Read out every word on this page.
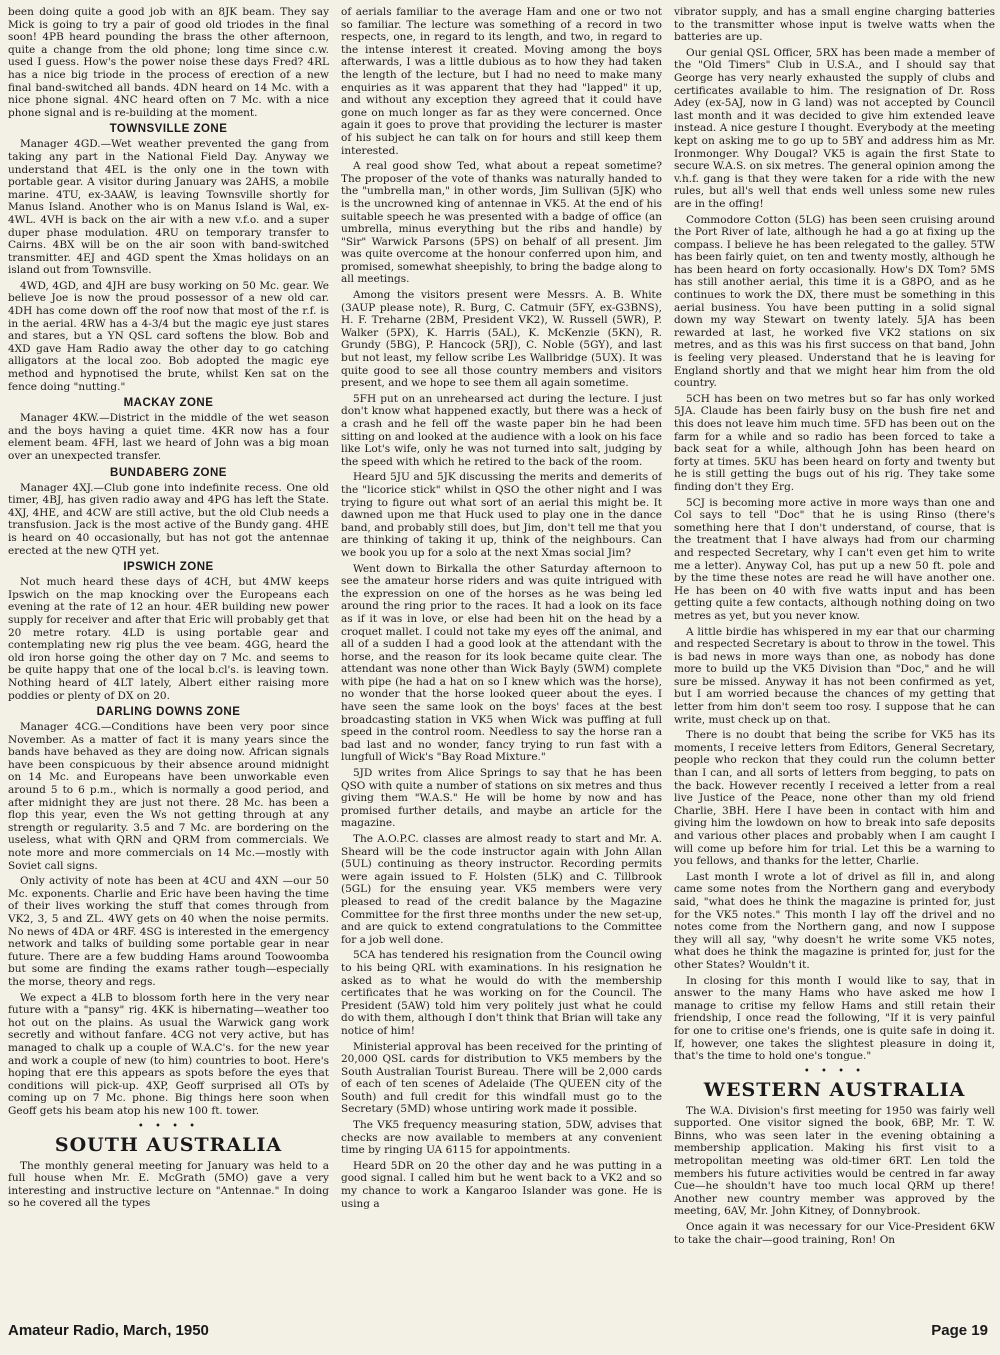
been doing quite a good job with an 8JK beam. They say Mick is going to try a pair of good old triodes in the final soon! 4PB heard pounding the brass the other afternoon, quite a change from the old phone; long time since c.w. used I guess. How's the power noise these days Fred? 4RL has a nice big triode in the process of erection of a new final band-switched all bands. 4DN heard on 14 Mc. with a nice phone signal. 4NC heard often on 7 Mc. with a nice phone signal and is re-building at the moment.

TOWNSVILLE ZONE

Manager 4GD.—Wet weather prevented the gang from taking any part in the National Field Day. Anyway we understand that 4EL is the only one in the town with portable gear. A visitor during January was 2AHS, a mobile marine. 4TU, ex-3AAW, is leaving Townsville shortly for Manus Island. Another who is on Manus Island is Wal, ex-4WL. 4VH is back on the air with a new v.f.o. and a super duper phase modulation. 4RU on temporary transfer to Cairns. 4BX will be on the air soon with band-switched transmitter. 4EJ and 4GD spent the Xmas holidays on an island out from Townsville.

4WD, 4GD, and 4JH are busy working on 50 Mc. gear. We believe Joe is now the proud possessor of a new old car. 4DH has come down off the roof now that most of the r.f. is in the aerial. 4RW has a 4-3/4 but the magic eye just stares and stares, but a YN QSL card softens the blow. Bob and 4XD gave Ham Radio away the other day to go catching alligators at the local zoo. Bob adopted the magic eye method and hypnotised the brute, whilst Ken sat on the fence doing "nutting."

MACKAY ZONE

Manager 4KW.—District in the middle of the wet season and the boys having a quiet time. 4KR now has a four element beam. 4FH, last we heard of John was a big moan over an unexpected transfer.

BUNDABERG ZONE

Manager 4XJ.—Club gone into indefinite recess. One old timer, 4BJ, has given radio away and 4PG has left the State. 4XJ, 4HE, and 4CW are still active, but the old Club needs a transfusion. Jack is the most active of the Bundy gang. 4HE is heard on 40 occasionally, but has not got the antennae erected at the new QTH yet.

IPSWICH ZONE

Not much heard these days of 4CH, but 4MW keeps Ipswich on the map knocking over the Europeans each evening at the rate of 12 an hour. 4ER building new power supply for receiver and after that Eric will probably get that 20 metre rotary. 4LD is using portable gear and contemplating new rig plus the vee beam. 4GG, heard the old iron horse going the other day on 7 Mc. and seems to be quite happy that one of the local b.cl's. is leaving town. Nothing heard of 4LT lately, Albert either raising more poddies or plenty of DX on 20.

DARLING DOWNS ZONE

Manager 4CG.—Conditions have been very poor since November. As a matter of fact it is many years since the bands have behaved as they are doing now. African signals have been conspicuous by their absence around midnight on 14 Mc. and Europeans have been unworkable even around 5 to 6 p.m., which is normally a good period, and after midnight they are just not there. 28 Mc. has been a flop this year, even the Ws not getting through at any strength or regularity. 3.5 and 7 Mc. are bordering on the useless, what with QRN and QRM from commercials. We note more and more commercials on 14 Mc.—mostly with Soviet call signs.

Only activity of note has been at 4CU and 4XN —our 50 Mc. exponents. Charlie and Eric have been having the time of their lives working the stuff that comes through from VK2, 3, 5 and ZL. 4WY gets on 40 when the noise permits. No news of 4DA or 4RF. 4SG is interested in the emergency network and talks of building some portable gear in near future. There are a few budding Hams around Toowoomba but some are finding the exams rather tough—especially the morse, theory and regs.

We expect a 4LB to blossom forth here in the very near future with a "pansy" rig. 4KK is hibernating—weather too hot out on the plains. As usual the Warwick gang work secretly and without fanfare. 4CG not very active, but has managed to chalk up a couple of W.A.C's. for the new year and work a couple of new (to him) countries to boot. Here's hoping that ere this appears as spots before the eyes that conditions will pick-up. 4XP, Geoff surprised all OTs by coming up on 7 Mc. phone. Big things here soon when Geoff gets his beam atop his new 100 ft. tower.

• • • •
SOUTH AUSTRALIA

The monthly general meeting for January was held to a full house when Mr. E. McGrath (5MO) gave a very interesting and instructive lecture on "Antennae." In doing so he covered all the types

of aerials familiar to the average Ham and one or two not so familiar. The lecture was something of a record in two respects, one, in regard to its length, and two, in regard to the intense interest it created. Moving among the boys afterwards, I was a little dubious as to how they had taken the length of the lecture, but I had no need to make many enquiries as it was apparent that they had "lapped" it up, and without any exception they agreed that it could have gone on much longer as far as they were concerned. Once again it goes to prove that providing the lecturer is master of his subject he can talk on for hours and still keep them interested.

A real good show Ted, what about a repeat sometime? The proposer of the vote of thanks was naturally handed to the "umbrella man," in other words, Jim Sullivan (5JK) who is the uncrowned king of antennae in VK5. At the end of his suitable speech he was presented with a badge of office (an umbrella, minus everything but the ribs and handle) by "Sir" Warwick Parsons (5PS) on behalf of all present. Jim was quite overcome at the honour conferred upon him, and promised, somewhat sheepishly, to bring the badge along to all meetings.

Among the visitors present were Messrs. A. B. White (3AUP please note), R. Burg, C. Catmuir (5FY, ex-G3BNS), H. F. Treharne (2BM, President VK2), W. Russell (5WR), P. Walker (5PX), K. Harris (5AL), K. McKenzie (5KN), R. Grundy (5BG), P. Hancock (5RJ), C. Noble (5GY), and last but not least, my fellow scribe Les Wallbridge (5UX). It was quite good to see all those country members and visitors present, and we hope to see them all again sometime.

5FH put on an unrehearsed act during the lecture. I just don't know what happened exactly, but there was a heck of a crash and he fell off the waste paper bin he had been sitting on and looked at the audience with a look on his face like Lot's wife, only he was not turned into salt, judging by the speed with which he retired to the back of the room.

Heard 5JU and 5JK discussing the merits and demerits of the "licorice stick" whilst in QSO the other night and I was trying to figure out what sort of an aerial this might be. It dawned upon me that Huck used to play one in the dance band, and probably still does, but Jim, don't tell me that you are thinking of taking it up, think of the neighbours. Can we book you up for a solo at the next Xmas social Jim?

Went down to Birkalla the other Saturday afternoon to see the amateur horse riders and was quite intrigued with the expression on one of the horses as he was being led around the ring prior to the races. It had a look on its face as if it was in love, or else had been hit on the head by a croquet mallet. I could not take my eyes off the animal, and all of a sudden I had a good look at the attendant with the horse, and the reason for its look became quite clear. The attendant was none other than Wick Bayly (5WM) complete with pipe (he had a hat on so I knew which was the horse), no wonder that the horse looked queer about the eyes. I have seen the same look on the boys' faces at the best broadcasting station in VK5 when Wick was puffing at full speed in the control room. Needless to say the horse ran a bad last and no wonder, fancy trying to run fast with a lungfull of Wick's "Bay Road Mixture."

5JD writes from Alice Springs to say that he has been QSO with quite a number of stations on six metres and thus giving them "W.A.S." He will be home by now and has promised further details, and maybe an article for the magazine.

The A.O.P.C. classes are almost ready to start and Mr. A. Sheard will be the code instructor again with John Allan (5UL) continuing as theory instructor. Recording permits were again issued to F. Holsten (5LK) and C. Tillbrook (5GL) for the ensuing year. VK5 members were very pleased to read of the credit balance by the Magazine Committee for the first three months under the new set-up, and are quick to extend congratulations to the Committee for a job well done.

5CA has tendered his resignation from the Council owing to his being QRL with examinations. In his resignation he asked as to what he would do with the membership certificates that he was working on for the Council. The President (5AW) told him very politely just what he could do with them, although I don't think that Brian will take any notice of him!

Ministerial approval has been received for the printing of 20,000 QSL cards for distribution to VK5 members by the South Australian Tourist Bureau. There will be 2,000 cards of each of ten scenes of Adelaide (The QUEEN city of the South) and full credit for this windfall must go to the Secretary (5MD) whose untiring work made it possible.

The VK5 frequency measuring station, 5DW, advises that checks are now available to members at any convenient time by ringing UA 6115 for appointments.

Heard 5DR on 20 the other day and he was putting in a good signal. I called him but he went back to a VK2 and so my chance to work a Kangaroo Islander was gone. He is using a

vibrator supply, and has a small engine charging batteries to the transmitter whose input is twelve watts when the batteries are up.

Our genial QSL Officer, 5RX has been made a member of the "Old Timers" Club in U.S.A., and I should say that George has very nearly exhausted the supply of clubs and certificates available to him. The resignation of Dr. Ross Adey (ex-5AJ, now in G land) was not accepted by Council last month and it was decided to give him extended leave instead. A nice gesture I thought. Everybody at the meeting kept on asking me to go up to 5BY and address him as Mr. Ironmonger. Why Dougal? VK5 is again the first State to secure W.A.S. on six metres. The general opinion among the v.h.f. gang is that they were taken for a ride with the new rules, but all's well that ends well unless some new rules are in the offing!

Commodore Cotton (5LG) has been seen cruising around the Port River of late, although he had a go at fixing up the compass. I believe he has been relegated to the galley. 5TW has been fairly quiet, on ten and twenty mostly, although he has been heard on forty occasionally. How's DX Tom? 5MS has still another aerial, this time it is a G8PO, and as he continues to work the DX, there must be something in this aerial business. You have been putting in a solid signal down my way Stewart on twenty lately. 5JA has been rewarded at last, he worked five VK2 stations on six metres, and as this was his first success on that band, John is feeling very pleased. Understand that he is leaving for England shortly and that we might hear him from the old country.

5CH has been on two metres but so far has only worked 5JA. Claude has been fairly busy on the bush fire net and this does not leave him much time. 5FD has been out on the farm for a while and so radio has been forced to take a back seat for a while, although John has been heard on forty at times. 5KU has been heard on forty and twenty but he is still getting the bugs out of his rig. They take some finding don't they Erg.

5CJ is becoming more active in more ways than one and Col says to tell "Doc" that he is using Rinso (there's something here that I don't understand, of course, that is the treatment that I have always had from our charming and respected Secretary, why I can't even get him to write me a letter). Anyway Col, has put up a new 50 ft. pole and by the time these notes are read he will have another one. He has been on 40 with five watts input and has been getting quite a few contacts, although nothing doing on two metres as yet, but you never know.

A little birdie has whispered in my ear that our charming and respected Secretary is about to throw in the towel. This is bad news in more ways than one, as nobody has done more to build up the VK5 Division than "Doc," and he will sure be missed. Anyway it has not been confirmed as yet, but I am worried because the chances of my getting that letter from him don't seem too rosy. I suppose that he can write, must check up on that.

There is no doubt that being the scribe for VK5 has its moments, I receive letters from Editors, General Secretary, people who reckon that they could run the column better than I can, and all sorts of letters from begging, to pats on the back. However recently I received a letter from a real live Justice of the Peace, none other than my old friend Charlie, 3BH. Here I have been in contact with him and giving him the lowdown on how to break into safe deposits and various other places and probably when I am caught I will come up before him for trial. Let this be a warning to you fellows, and thanks for the letter, Charlie.

Last month I wrote a lot of drivel as fill in, and along came some notes from the Northern gang and everybody said, "what does he think the magazine is printed for, just for the VK5 notes." This month I lay off the drivel and no notes come from the Northern gang, and now I suppose they will all say, "why doesn't he write some VK5 notes, what does he think the magazine is printed for, just for the other States? Wouldn't it.

In closing for this month I would like to say, that in answer to the many Hams who have asked me how I manage to critise my fellow Hams and still retain their friendship, I once read the following, "If it is very painful for one to critise one's friends, one is quite safe in doing it. If, however, one takes the slightest pleasure in doing it, that's the time to hold one's tongue."

• • • •
WESTERN AUSTRALIA

The W.A. Division's first meeting for 1950 was fairly well supported. One visitor signed the book, 6BP, Mr. T. W. Binns, who was seen later in the evening obtaining a membership application. Making his first visit to a metropolitan meeting was old-timer 6RT. Len told the members his future activities would be centred in far away Cue—he shouldn't have too much local QRM up there! Another new country member was approved by the meeting, 6AV, Mr. John Kitney, of Donnybrook.

Once again it was necessary for our Vice-President 6KW to take the chair—good training, Ron! On

Amateur Radio, March, 1950	Page 19
